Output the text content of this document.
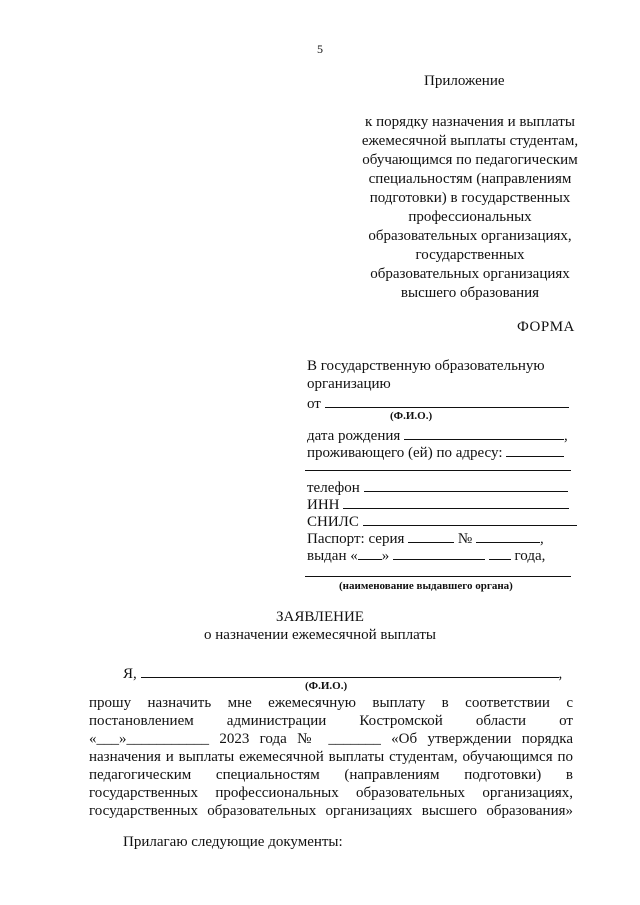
5
Приложение
к порядку назначения и выплаты
ежемесячной выплаты студентам,
обучающимся по педагогическим
специальностям (направлениям
подготовки) в государственных
профессиональных
образовательных организациях,
государственных
образовательных организациях
высшего образования
ФОРМА
В государственную образовательную
организацию
от
(Ф.И.О.)
дата рождения	,
проживающего (ей) по адресу:
телефон
ИНН
СНИЛС
Паспорт: серия	№	,
выдан « »	года,
(наименование выдавшего органа)
ЗАЯВЛЕНИЕ
о назначении ежемесячной выплаты
Я,	,
(Ф.И.О.)
прошу назначить мне ежемесячную выплату в соответствии с
постановлением администрации Костромской области от
«___»___________ 2023 года № _______ «Об утверждении порядка
назначения и выплаты ежемесячной выплаты студентам, обучающимся по
педагогическим специальностям (направлениям подготовки) в
государственных профессиональных образовательных организациях,
государственных образовательных организациях высшего образования»
Прилагаю следующие документы:
